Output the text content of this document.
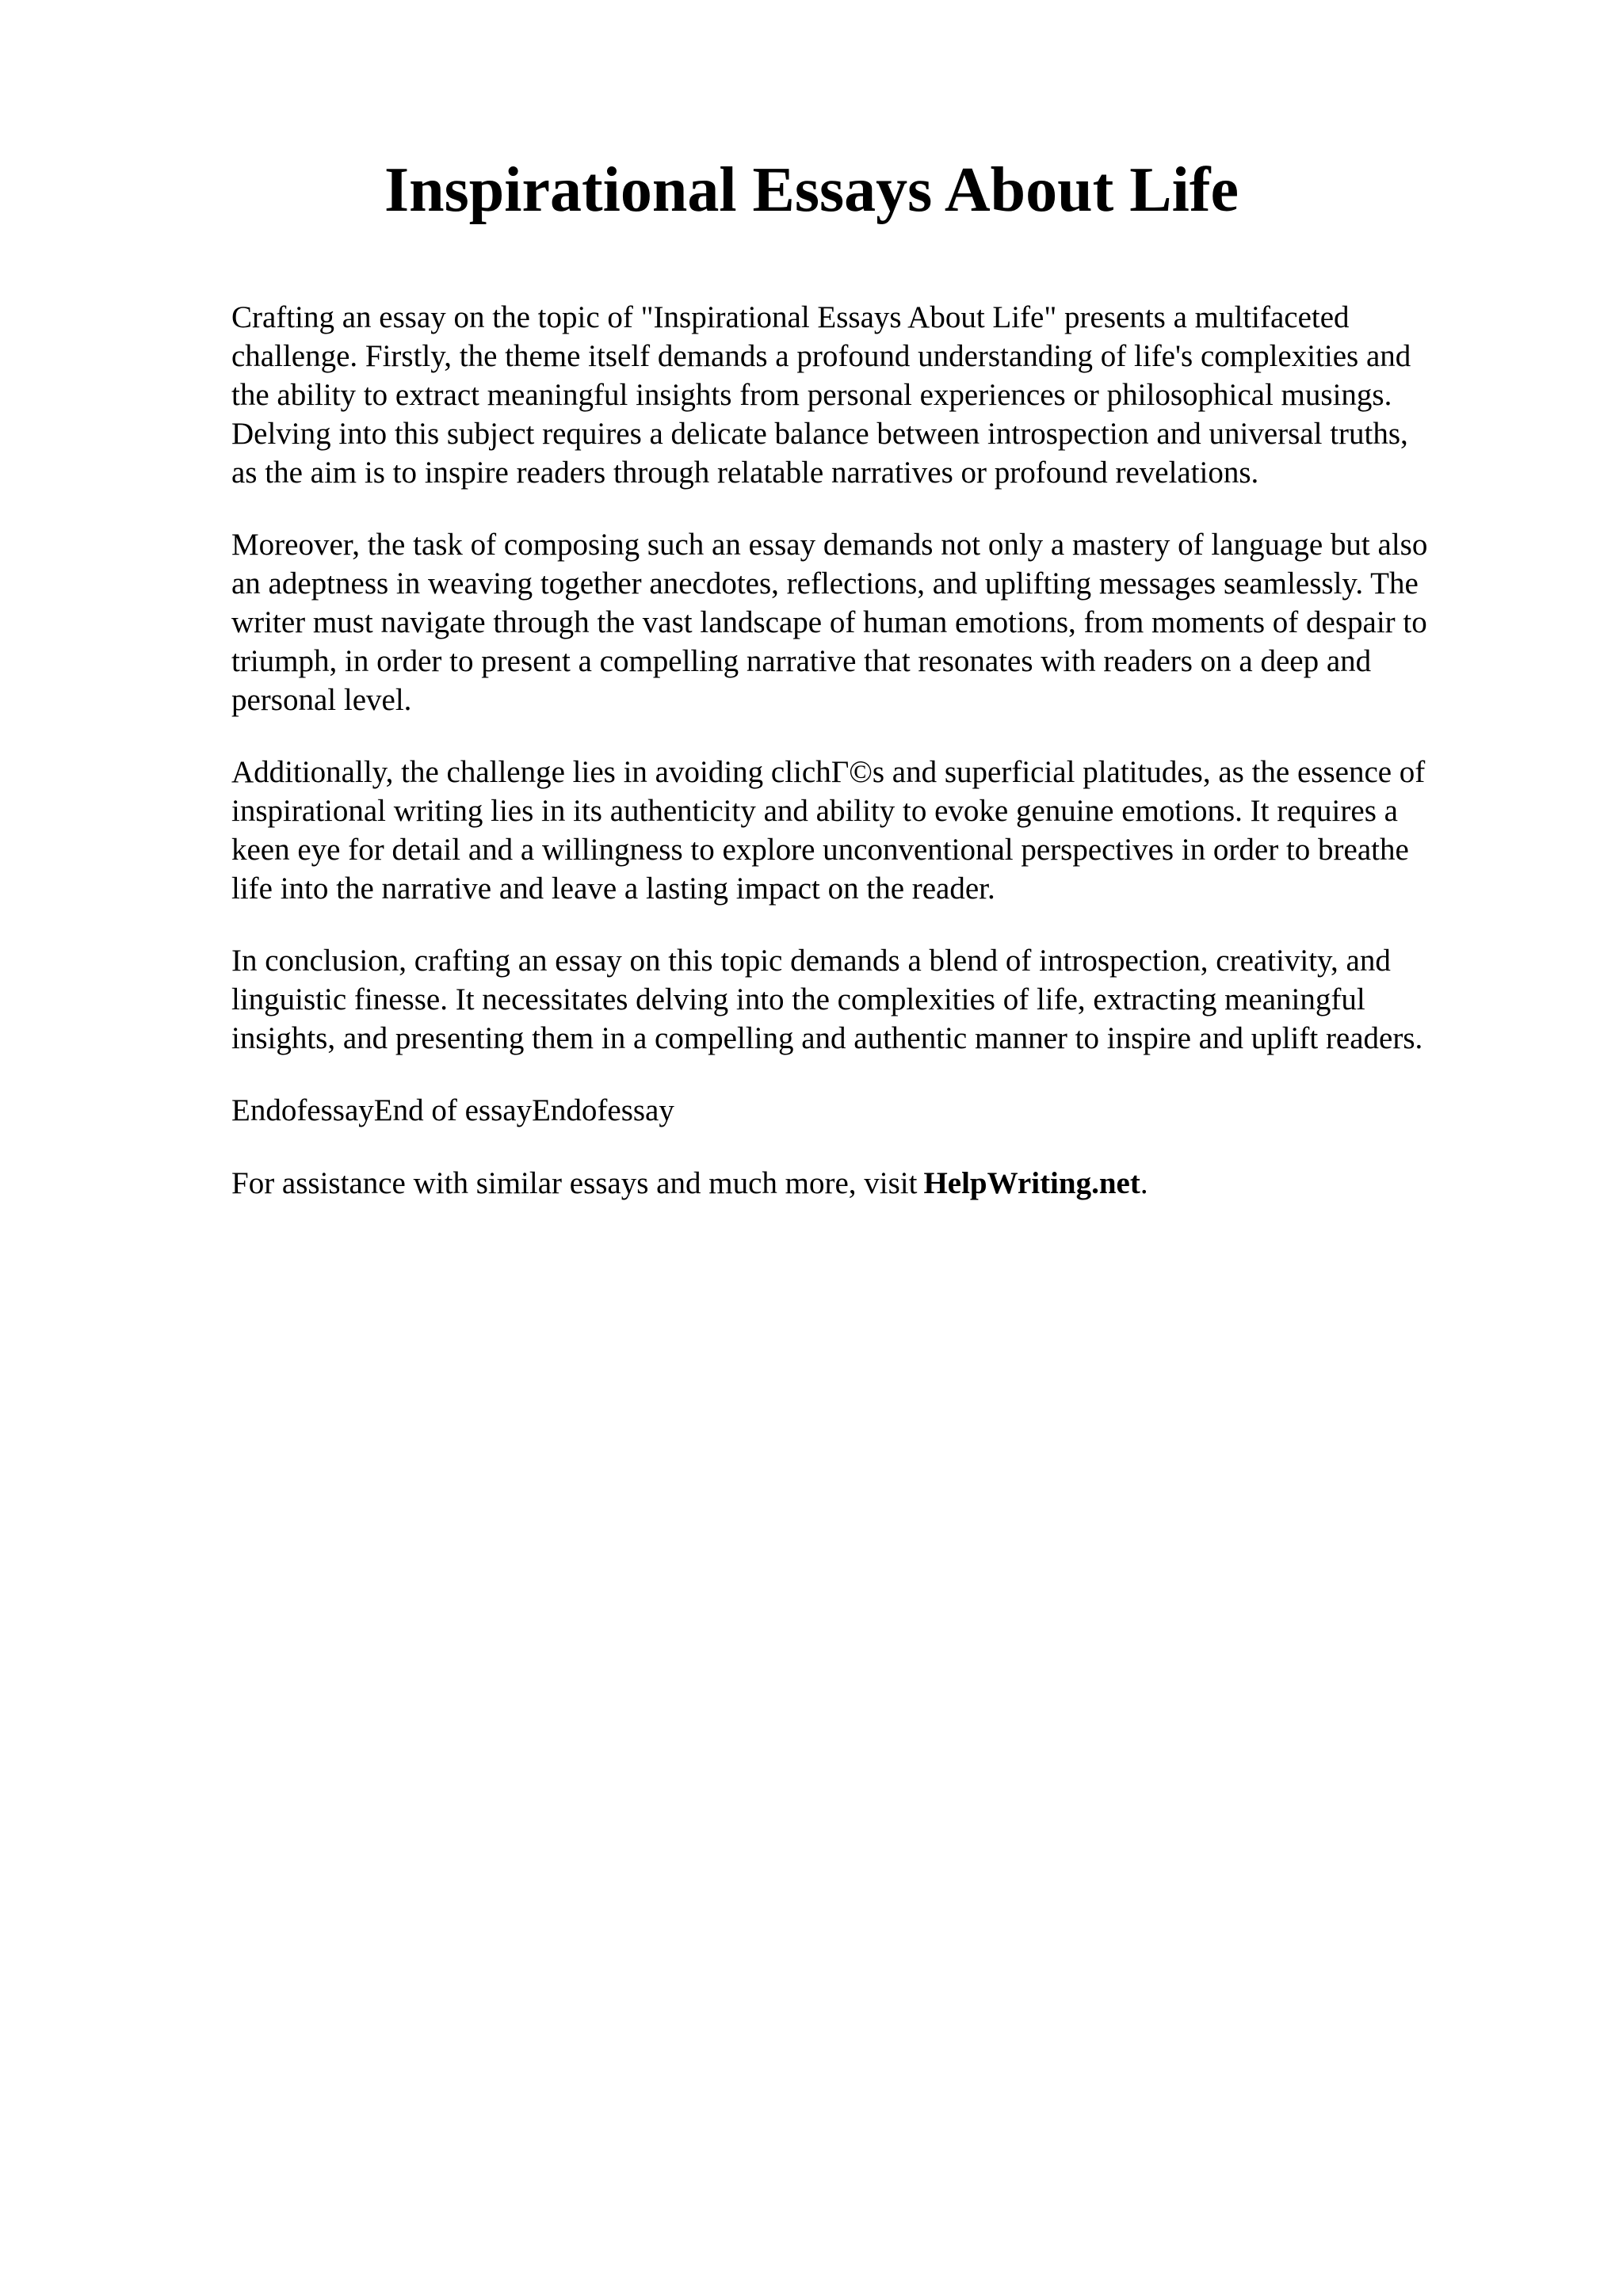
Inspirational Essays About Life

Crafting an essay on the topic of "Inspirational Essays About Life" presents a multifaceted
challenge. Firstly, the theme itself demands a profound understanding of life's complexities and
the ability to extract meaningful insights from personal experiences or philosophical musings.
Delving into this subject requires a delicate balance between introspection and universal truths,
as the aim is to inspire readers through relatable narratives or profound revelations.

Moreover, the task of composing such an essay demands not only a mastery of language but also
an adeptness in weaving together anecdotes, reflections, and uplifting messages seamlessly. The
writer must navigate through the vast landscape of human emotions, from moments of despair to
triumph, in order to present a compelling narrative that resonates with readers on a deep and
personal level.

Additionally, the challenge lies in avoiding clichΓ©s and superficial platitudes, as the essence of
inspirational writing lies in its authenticity and ability to evoke genuine emotions. It requires a
keen eye for detail and a willingness to explore unconventional perspectives in order to breathe
life into the narrative and leave a lasting impact on the reader.

In conclusion, crafting an essay on this topic demands a blend of introspection, creativity, and
linguistic finesse. It necessitates delving into the complexities of life, extracting meaningful
insights, and presenting them in a compelling and authentic manner to inspire and uplift readers.

EndofessayEnd of essayEndofessay

For assistance with similar essays and much more, visit HelpWriting.net.
